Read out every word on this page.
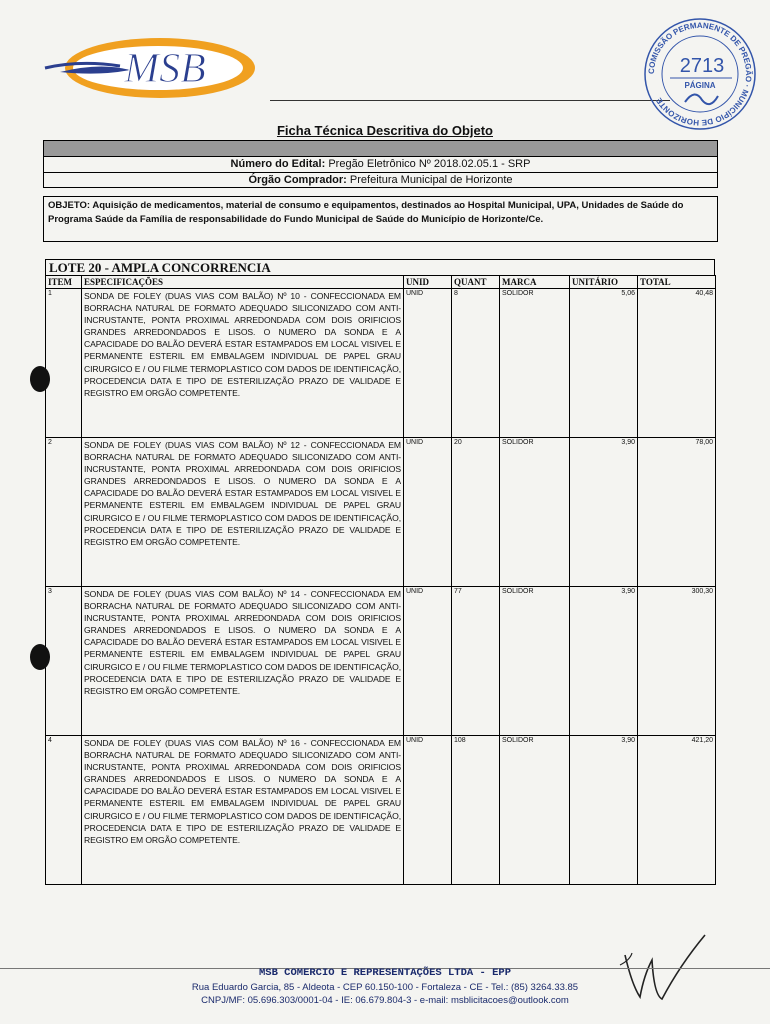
MSB	COMISSÃO PERMANENTE DE PREGÃO · MUNICÍPIO DE HORIZONTE
2713
PÁGINA
Ficha Técnica Descritiva do Objeto
Número do Edital: Pregão Eletrônico Nº 2018.02.05.1 - SRP
Órgão Comprador: Prefeitura Municipal de Horizonte
OBJETO: Aquisição de medicamentos, material de consumo e equipamentos, destinados ao Hospital Municipal, UPA, Unidades de Saúde do Programa Saúde da Família de responsabilidade do Fundo Municipal de Saúde do Município de Horizonte/Ce.
LOTE 20 - AMPLA CONCORRENCIA
ITEM	ESPECIFICAÇÕES	UNID	QUANT	MARCA	UNITÁRIO	TOTAL
1	SONDA DE FOLEY (DUAS VIAS COM BALÃO) Nº 10 - CONFECCIONADA EM BORRACHA NATURAL DE FORMATO ADEQUADO SILICONIZADO COM ANTI- INCRUSTANTE, PONTA PROXIMAL ARREDONDADA COM DOIS ORIFICIOS GRANDES ARREDONDADOS E LISOS. O NUMERO DA SONDA E A CAPACIDADE DO BALÃO DEVERÁ ESTAR ESTAMPADOS EM LOCAL VISIVEL E PERMANENTE ESTERIL EM EMBALAGEM INDIVIDUAL DE PAPEL GRAU CIRURGICO E / OU FILME TERMOPLASTICO COM DADOS DE IDENTIFICAÇÃO, PROCEDENCIA DATA E TIPO DE ESTERILIZAÇÃO PRAZO DE VALIDADE E REGISTRO EM ORGÃO COMPETENTE.	UNID	8	SOLIDOR	5,06	40,48
2	SONDA DE FOLEY (DUAS VIAS COM BALÃO) Nº 12 - CONFECCIONADA EM BORRACHA NATURAL DE FORMATO ADEQUADO SILICONIZADO COM ANTI- INCRUSTANTE, PONTA PROXIMAL ARREDONDADA COM DOIS ORIFICIOS GRANDES ARREDONDADOS E LISOS. O NUMERO DA SONDA E A CAPACIDADE DO BALÃO DEVERÁ ESTAR ESTAMPADOS EM LOCAL VISIVEL E PERMANENTE ESTERIL EM EMBALAGEM INDIVIDUAL DE PAPEL GRAU CIRURGICO E / OU FILME TERMOPLASTICO COM DADOS DE IDENTIFICAÇÃO, PROCEDENCIA DATA E TIPO DE ESTERILIZAÇÃO PRAZO DE VALIDADE E REGISTRO EM ORGÃO COMPETENTE.	UNID	20	SOLIDOR	3,90	78,00
3	SONDA DE FOLEY (DUAS VIAS COM BALÃO) Nº 14 - CONFECCIONADA EM BORRACHA NATURAL DE FORMATO ADEQUADO SILICONIZADO COM ANTI- INCRUSTANTE, PONTA PROXIMAL ARREDONDADA COM DOIS ORIFICIOS GRANDES ARREDONDADOS E LISOS. O NUMERO DA SONDA E A CAPACIDADE DO BALÃO DEVERÁ ESTAR ESTAMPADOS EM LOCAL VISIVEL E PERMANENTE ESTERIL EM EMBALAGEM INDIVIDUAL DE PAPEL GRAU CIRURGICO E / OU FILME TERMOPLASTICO COM DADOS DE IDENTIFICAÇÃO, PROCEDENCIA DATA E TIPO DE ESTERILIZAÇÃO PRAZO DE VALIDADE E REGISTRO EM ORGÃO COMPETENTE.	UNID	77	SOLIDOR	3,90	300,30
4	SONDA DE FOLEY (DUAS VIAS COM BALÃO) Nº 16 - CONFECCIONADA EM BORRACHA NATURAL DE FORMATO ADEQUADO SILICONIZADO COM ANTI- INCRUSTANTE, PONTA PROXIMAL ARREDONDADA COM DOIS ORIFICIOS GRANDES ARREDONDADOS E LISOS. O NUMERO DA SONDA E A CAPACIDADE DO BALÃO DEVERÁ ESTAR ESTAMPADOS EM LOCAL VISIVEL E PERMANENTE ESTERIL EM EMBALAGEM INDIVIDUAL DE PAPEL GRAU CIRURGICO E / OU FILME TERMOPLASTICO COM DADOS DE IDENTIFICAÇÃO, PROCEDENCIA DATA E TIPO DE ESTERILIZAÇÃO PRAZO DE VALIDADE E REGISTRO EM ORGÃO COMPETENTE.	UNID	108	SOLIDOR	3,90	421,20
MSB COMERCIO E REPRESENTAÇÕES LTDA - EPP
Rua Eduardo Garcia, 85 - Aldeota - CEP 60.150-100 - Fortaleza - CE - Tel.: (85) 3264.33.85
CNPJ/MF: 05.696.303/0001-04 - IE: 06.679.804-3 - e-mail: msblicitacoes@outlook.com
